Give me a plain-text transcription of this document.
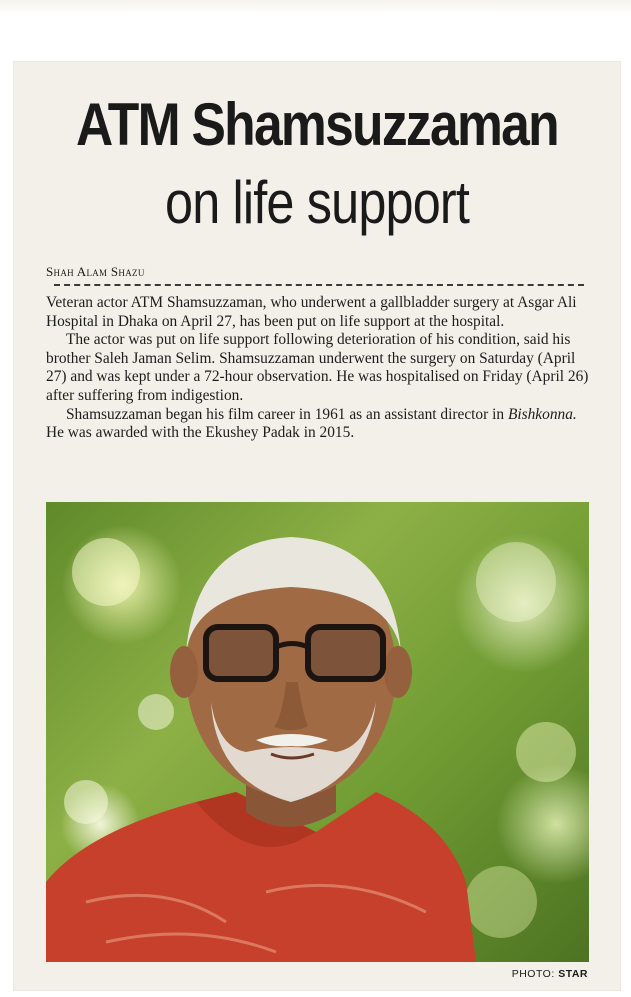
ATM Shamsuzzaman
on life support
Shah Alam Shazu

Veteran actor ATM Shamsuzzaman, who underwent a gallbladder surgery at Asgar Ali Hospital in Dhaka on April 27, has been put on life support at the hospital.

The actor was put on life support following deterioration of his condition, said his brother Saleh Jaman Selim. Shamsuzzaman underwent the surgery on Saturday (April 27) and was kept under a 72-hour observation. He was hospitalised on Friday (April 26) after suffering from indigestion.

Shamsuzzaman began his film career in 1961 as an assistant director in Bishkonna. He was awarded with the Ekushey Padak in 2015.

PHOTO: STAR
